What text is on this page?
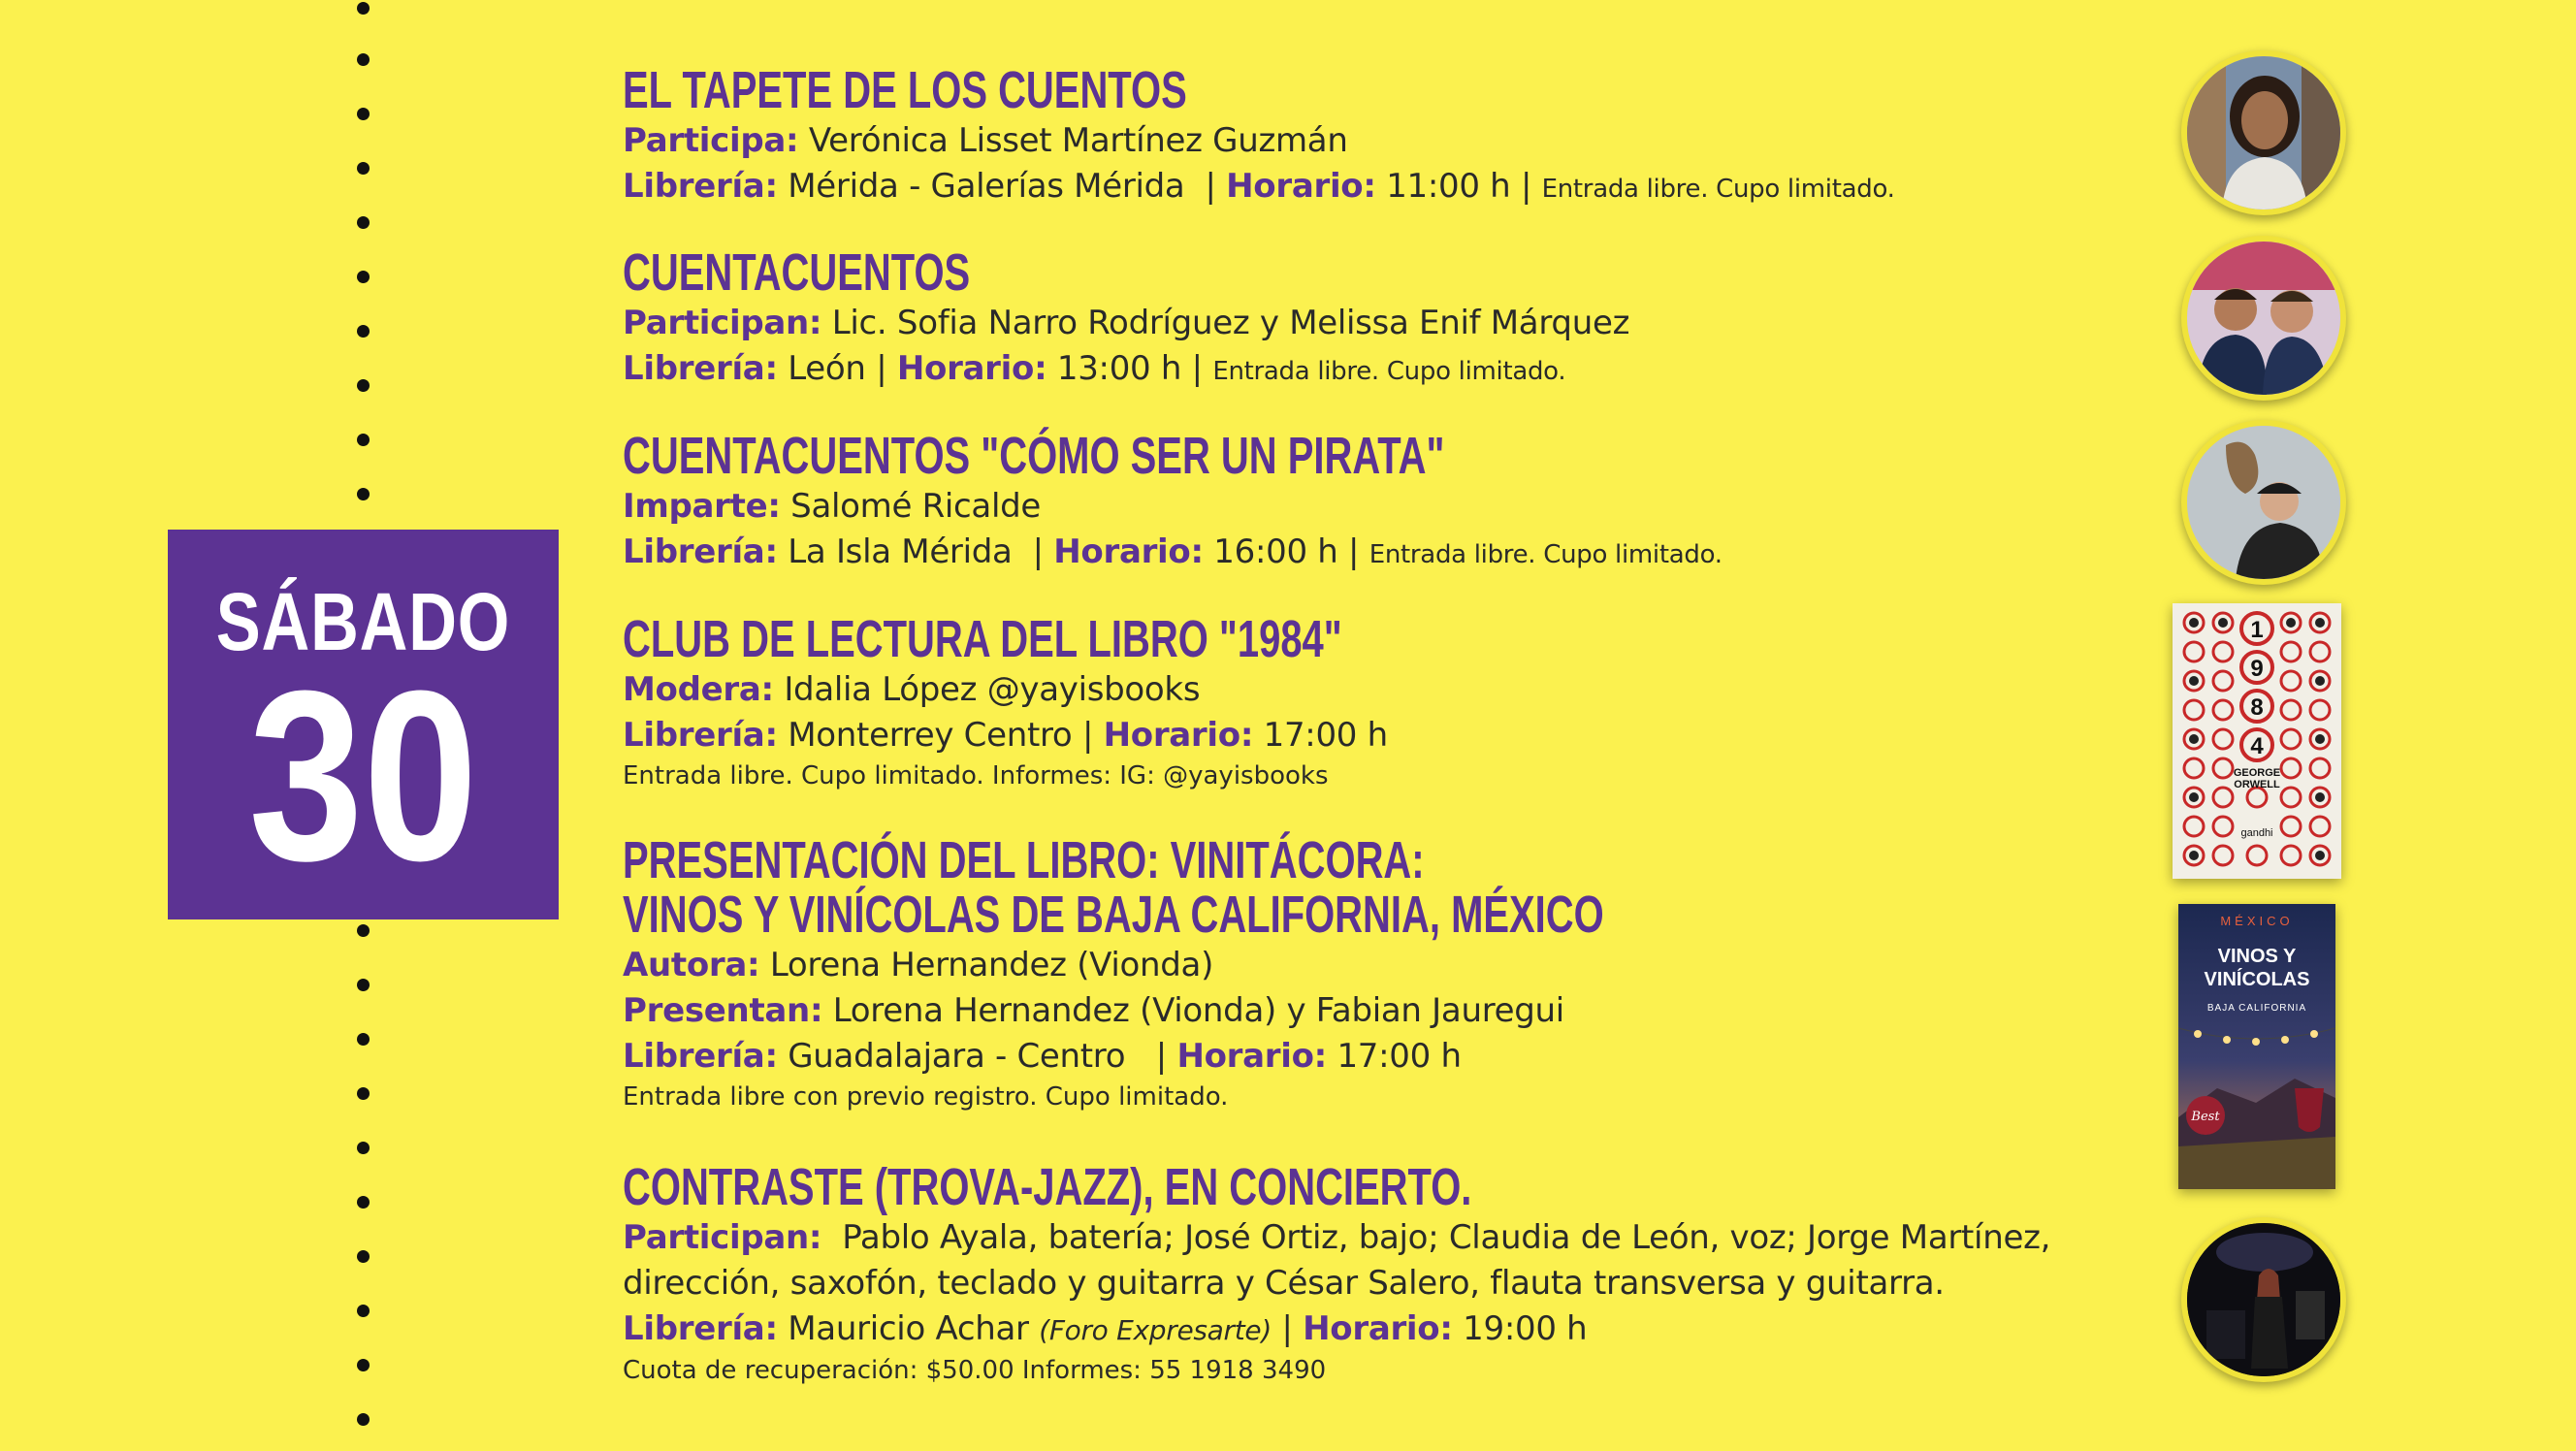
SÁBADO
30
EL TAPETE DE LOS CUENTOS
Participa: Verónica Lisset Martínez Guzmán
Librería: Mérida - Galerías Mérida  | Horario: 11:00 h | Entrada libre. Cupo limitado.
CUENTACUENTOS
Participan: Lic. Sofia Narro Rodríguez y Melissa Enif Márquez
Librería: León | Horario: 13:00 h | Entrada libre. Cupo limitado.
CUENTACUENTOS "CÓMO SER UN PIRATA"
Imparte: Salomé Ricalde
Librería: La Isla Mérida  | Horario: 16:00 h | Entrada libre. Cupo limitado.
CLUB DE LECTURA DEL LIBRO "1984"
Modera: Idalia López @yayisbooks
Librería: Monterrey Centro | Horario: 17:00 h
Entrada libre. Cupo limitado. Informes: IG: @yayisbooks
PRESENTACIÓN DEL LIBRO: VINITÁCORA:
VINOS Y VINÍCOLAS DE BAJA CALIFORNIA, MÉXICO
Autora: Lorena Hernandez (Vionda)
Presentan: Lorena Hernandez (Vionda) y Fabian Jauregui
Librería: Guadalajara - Centro   | Horario: 17:00 h
Entrada libre con previo registro. Cupo limitado.
CONTRASTE (TROVA-JAZZ), EN CONCIERTO.
Participan: Pablo Ayala, batería; José Ortiz, bajo; Claudia de León, voz; Jorge Martínez,
dirección, saxofón, teclado y guitarra y César Salero, flauta transversa y guitarra.
Librería: Mauricio Achar (Foro Expresarte) | Horario: 19:00 h
Cuota de recuperación: $50.00 Informes: 55 1918 3490
1
9
8
4
GEORGE
ORWELL
gandhi
MÉXICO
VINOS Y
VINÍCOLAS
BAJA CALIFORNIA
Best
